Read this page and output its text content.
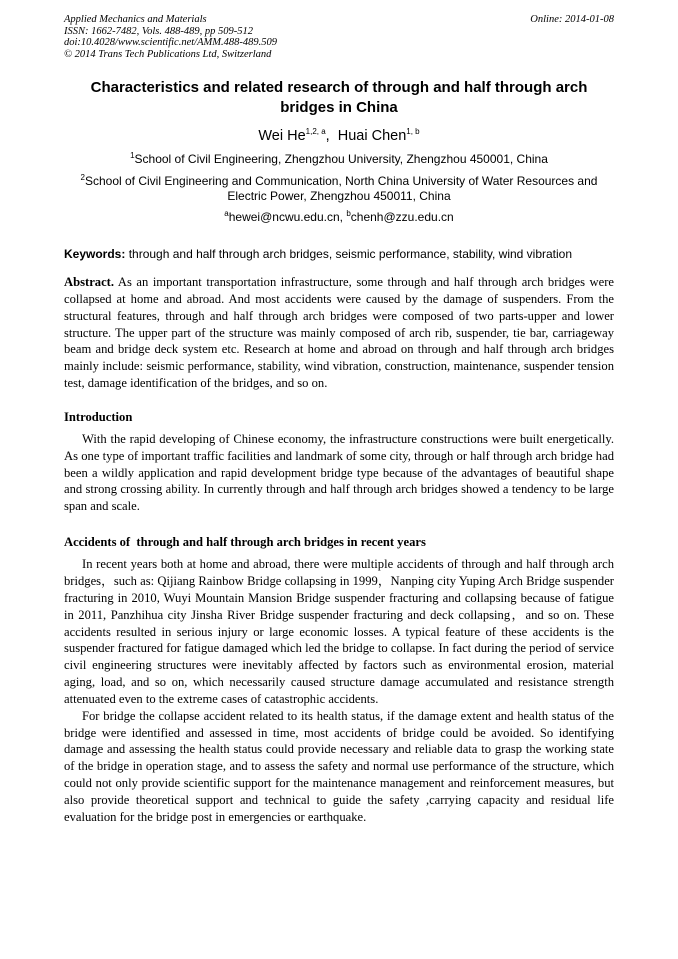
Applied Mechanics and Materials
ISSN: 1662-7482, Vols. 488-489, pp 509-512
doi:10.4028/www.scientific.net/AMM.488-489.509
© 2014 Trans Tech Publications Ltd, Switzerland
Online: 2014-01-08
Characteristics and related research of through and half through arch bridges in China
Wei He$^{1,2, a}$,  Huai Chen$^{1, b}$
$^1$School of Civil Engineering, Zhengzhou University, Zhengzhou 450001, China
$^2$School of Civil Engineering and Communication, North China University of Water Resources and Electric Power, Zhengzhou 450011, China
$^a$hewei@ncwu.edu.cn, $^b$chenh@zzu.edu.cn
Keywords: through and half through arch bridges, seismic performance, stability, wind vibration

Abstract. As an important transportation infrastructure, some through and half through arch bridges were collapsed at home and abroad. And most accidents were caused by the damage of suspenders. From the structural features, through and half through arch bridges were composed of two parts-upper and lower structure. The upper part of the structure was mainly composed of arch rib, suspender, tie bar, carriageway beam and bridge deck system etc. Research at home and abroad on through and half through arch bridges mainly include: seismic performance, stability, wind vibration, construction, maintenance, suspender tension test, damage identification of the bridges, and so on.

Introduction

With the rapid developing of Chinese economy, the infrastructure constructions were built energetically. As one type of important traffic facilities and landmark of some city, through or half through arch bridge had been a wildly application and rapid development bridge type because of the advantages of beautiful shape and strong crossing ability. In currently through and half through arch bridges showed a tendency to be large span and scale.

Accidents of  through and half through arch bridges in recent years

In recent years both at home and abroad, there were multiple accidents of through and half through arch bridges，such as: Qijiang Rainbow Bridge collapsing in 1999，Nanping city Yuping Arch Bridge suspender fracturing in 2010, Wuyi Mountain Mansion Bridge suspender fracturing and collapsing because of fatigue in 2011, Panzhihua city Jinsha River Bridge suspender fracturing and deck collapsing，and so on. These accidents resulted in serious injury or large economic losses. A typical feature of these accidents is the suspender fractured for fatigue damaged which led the bridge to collapse. In fact during the period of service civil engineering structures were inevitably affected by factors such as environmental erosion, material aging, load, and so on, which necessarily caused structure damage accumulated and resistance strength attenuated even to the extreme cases of catastrophic accidents.

For bridge the collapse accident related to its health status, if the damage extent and health status of the bridge were identified and assessed in time, most accidents of bridge could be avoided. So identifying damage and assessing the health status could provide necessary and reliable data to grasp the working state of the bridge in operation stage, and to assess the safety and normal use performance of the structure, which could not only provide scientific support for the maintenance management and reinforcement measures, but also provide theoretical support and technical to guide the safety ,carrying capacity and residual life evaluation for the bridge post in emergencies or earthquake.
